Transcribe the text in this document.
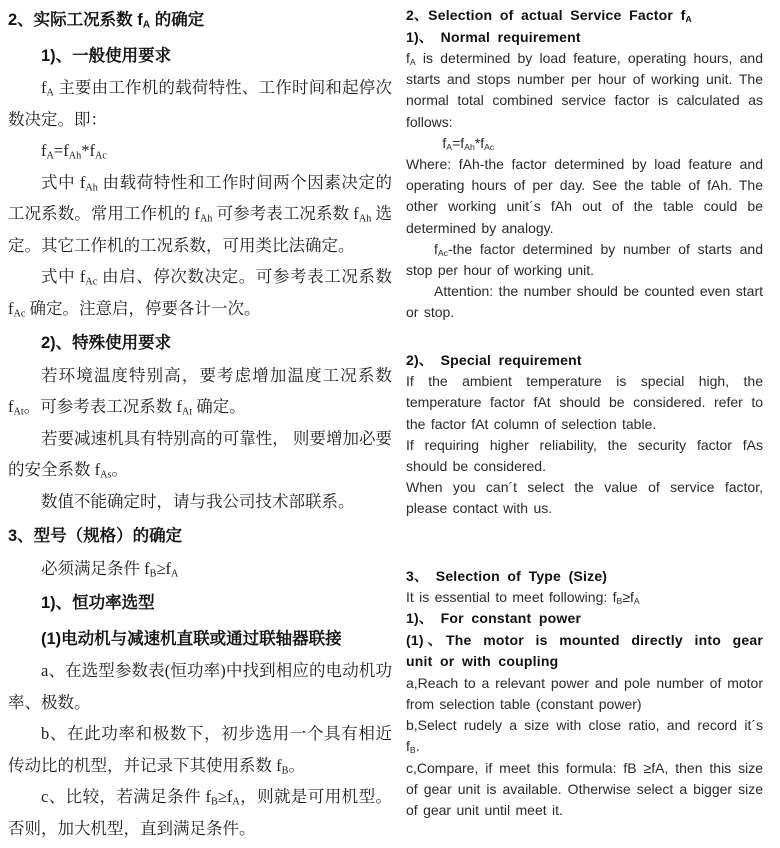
2、实际工况系数 $f_A$ 的确定
1)、一般使用要求
$f_A$ 主要由工作机的载荷特性、工作时间和起停次数决定。即：
$f_A=f_{Ah}*f_{Ac}$
式中 $f_{Ah}$ 由载荷特性和工作时间两个因素决定的工况系数。常用工作机的 $f_{Ah}$ 可参考表工况系数 $f_{Ah}$ 选定。其它工作机的工况系数，可用类比法确定。
式中 $f_{Ac}$ 由启、停次数决定。可参考表工况系数 $f_{Ac}$ 确定。注意启，停要各计一次。
2)、特殊使用要求
若环境温度特别高，要考虑增加温度工况系数 $f_{At}$。可参考表工况系数 $f_{At}$ 确定。
若要减速机具有特别高的可靠性， 则要增加必要的安全系数 $f_{As}$。
数值不能确定时，请与我公司技术部联系。
3、型号（规格）的确定
必须满足条件 $f_B\ge f_A$
1)、恒功率选型
(1)电动机与减速机直联或通过联轴器联接
a、在选型参数表(恒功率)中找到相应的电动机功率、极数。
b、在此功率和极数下，初步选用一个具有相近传动比的机型，并记录下其使用系数 $f_B$。
c、比较，若满足条件 $f_B\ge f_A$，则就是可用机型。 否则，加大机型，直到满足条件。
2、Selection of actual Service Factor $f_A$
1)、 Normal requirement
$f_A$ is determined by load feature, operating hours, and starts and stops number per hour of working unit. The normal total combined service factor is calculated as follows:
$f_A=f_{Ah}*f_{Ac}$
Where: fAh-the factor determined by load feature and operating hours of per day. See the table of fAh. The other working unit´s fAh out of the table could be determined by analogy.
$f_{Ac}$-the factor determined by number of starts and stop per hour of working unit.
Attention: the number should be counted even start or stop.
2)、 Special requirement
If the ambient temperature is special high, the temperature factor fAt should be considered. refer to the factor fAt column of selection table.
If requiring higher reliability, the security factor fAs should be considered.
When you can´t select the value of service factor, please contact with us.
3、 Selection of Type (Size)
It is essential to meet following: $f_B\ge f_A$
1)、 For constant power
(1)、The motor is mounted directly into gear unit or with coupling
a,Reach to a relevant power and pole number of motor from selection table (constant power)
b,Select rudely a size with close ratio, and record it´s $f_B$.
c,Compare, if meet this formula: fB ≥fA, then this size of gear unit is available. Otherwise select a bigger size of gear unit until meet it.
